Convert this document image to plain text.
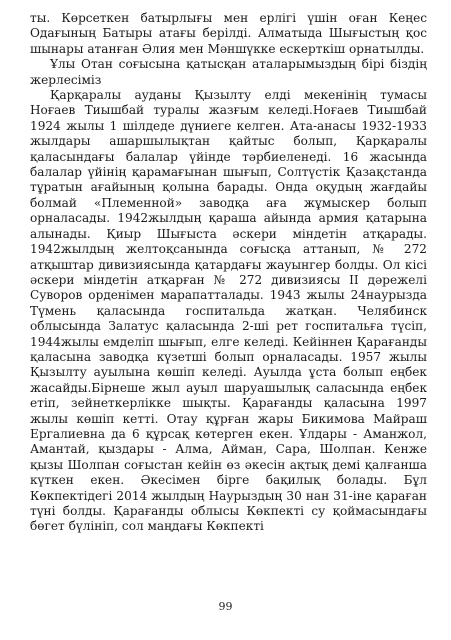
ты. Көрсеткен батырлығы мен ерлігі үшін оған Кеңес Одағының Батыры атағы берілді. Алматыда Шығыстың қос шынары атанған Әлия мен Мәншүкке ескерткіш орнатылды.

Ұлы Отан соғысына қатысқан аталарымыздың бірі біздің жерлесіміз

Қарқаралы ауданы Қызылту елді мекенінің тумасы Ноғаев Тиышбай туралы жазғым келеді.Ноғаев Тиышбай 1924 жылы 1 шілдеде дүниеге келген. Ата-анасы 1932-1933 жылдары ашаршылықтан қайтыс болып, Қарқаралы қаласындағы балалар үйінде тәрбиеленеді. 16 жасында балалар үйінің қарамағынан шығып, Солтүстік Қазақстанда тұратын ағайының қолына барады. Онда оқудың жағдайы болмай «Племенной» заводқа аға жұмыскер болып орналасады. 1942жылдың қараша айында армия қатарына алынады. Қиыр Шығыста әскери міндетін атқарады. 1942жылдың желтоқсанында соғысқа аттанып, № 272 атқыштар дивизиясында қатардағы жауынгер болды. Ол кісі әскери міндетін атқарған № 272 дивизиясы ІІ дәрежелі Суворов орденімен марапатталады. 1943 жылы 24наурызда Түмень қаласында госпитальда жатқан. Челябинск облысында Залатус қаласында 2-ші рет госпитальға түсіп, 1944жылы емделіп шығып, елге келеді. Кейіннен Қарағанды қаласына заводқа күзетші болып орналасады. 1957 жылы Қызылту ауылына көшіп келеді. Ауылда ұста болып еңбек жасайды.Бірнеше жыл ауыл шаруашылық саласында еңбек етіп, зейнеткерлікке шықты. Қарағанды қаласына 1997 жылы көшіп кетті. Отау құрған жары Бикимова Майраш Ергалиевна да 6 құрсақ көтерген екен. Ұлдары - Аманжол, Амантай, қыздары - Алма, Айман, Сара, Шолпан. Кенже қызы Шолпан соғыстан кейін өз әкесін ақтық демі қалғанша күткен екен. Әкесімен бірге бақилық болады. Бұл Көкпектідегі 2014 жылдың Наурыздың 30 нан 31-іне қараған түні болды. Қарағанды облысы Көкпекті су қоймасындағы бөгет бүлініп, сол маңдағы Көкпекті

99
